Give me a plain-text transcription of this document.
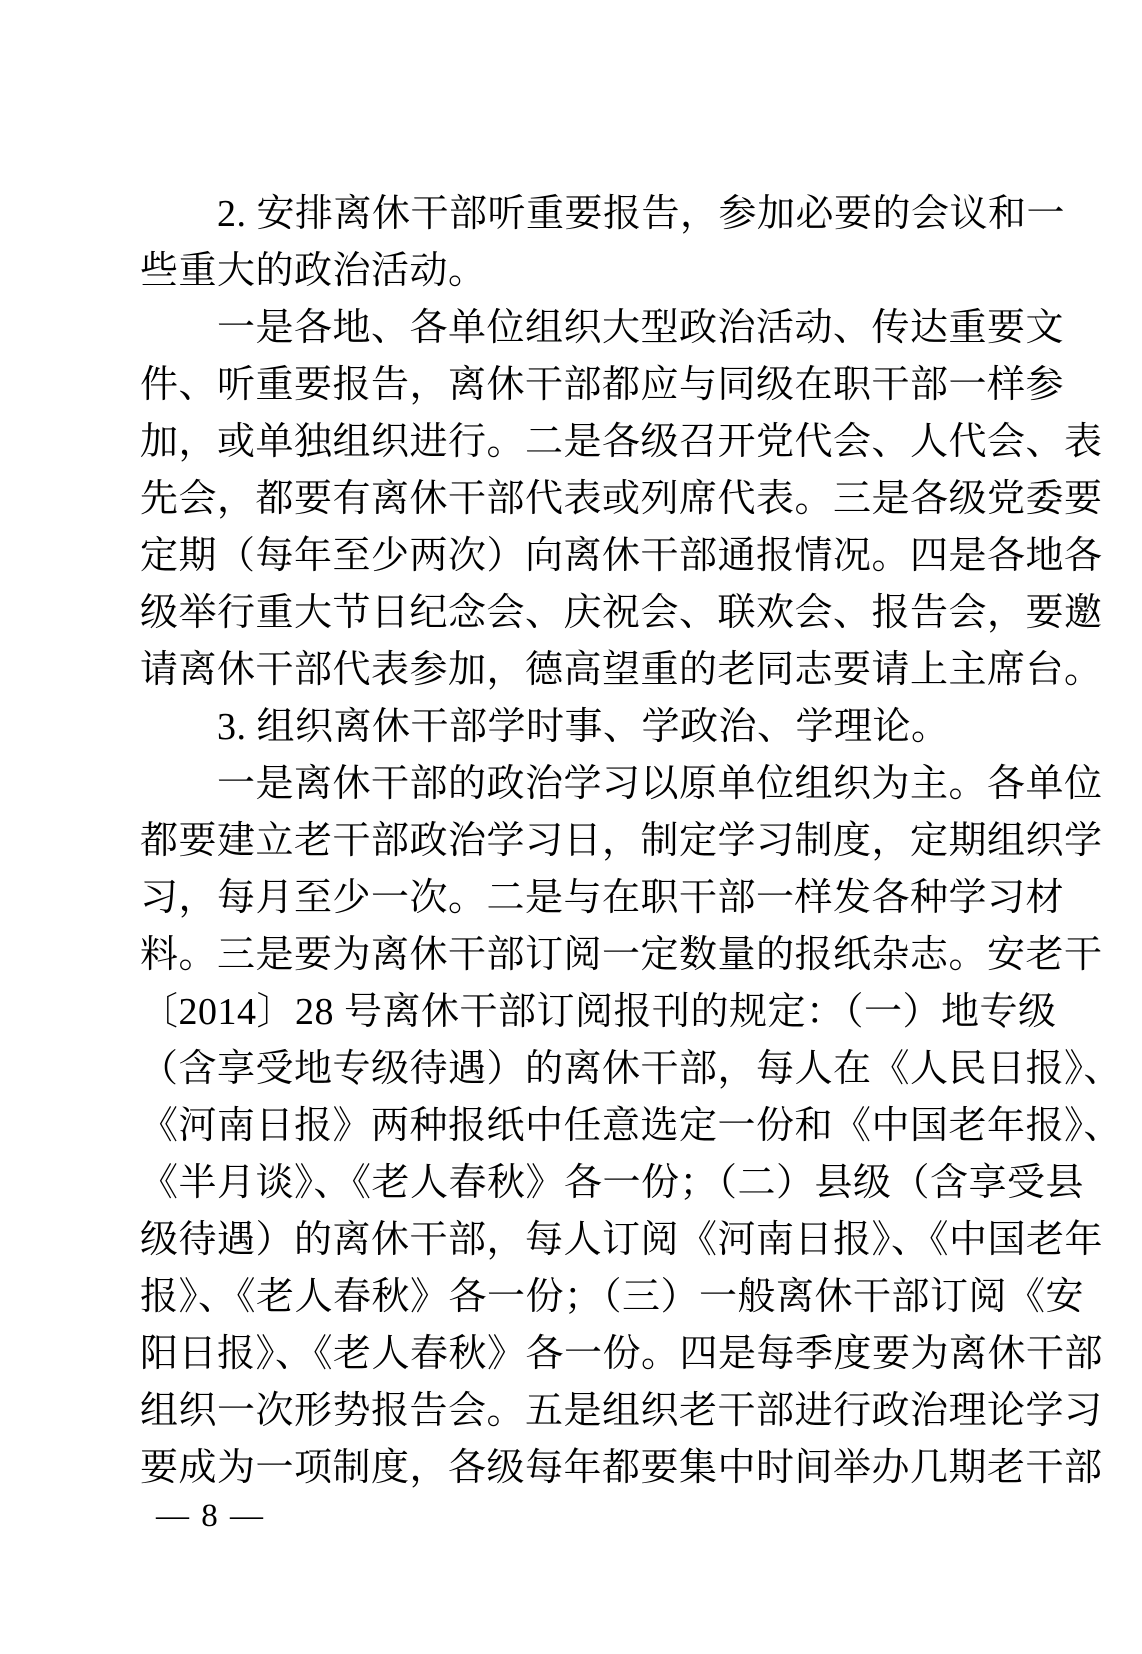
　　2. 安排离休干部听重要报告，参加必要的会议和一
些重大的政治活动。
　　一是各地、各单位组织大型政治活动、传达重要文
件、听重要报告，离休干部都应与同级在职干部一样参
加，或单独组织进行。二是各级召开党代会、人代会、表
先会，都要有离休干部代表或列席代表。三是各级党委要
定期（每年至少两次）向离休干部通报情况。四是各地各
级举行重大节日纪念会、庆祝会、联欢会、报告会，要邀
请离休干部代表参加，德高望重的老同志要请上主席台。
　　3. 组织离休干部学时事、学政治、学理论。
　　一是离休干部的政治学习以原单位组织为主。各单位
都要建立老干部政治学习日，制定学习制度，定期组织学
习，每月至少一次。二是与在职干部一样发各种学习材
料。三是要为离休干部订阅一定数量的报纸杂志。安老干
〔2014〕28 号离休干部订阅报刊的规定：（一）地专级
（含享受地专级待遇）的离休干部，每人在《人民日报》、
《河南日报》两种报纸中任意选定一份和《中国老年报》、
《半月谈》、《老人春秋》各一份；（二）县级（含享受县
级待遇）的离休干部，每人订阅《河南日报》、《中国老年
报》、《老人春秋》各一份；（三）一般离休干部订阅《安
阳日报》、《老人春秋》各一份。四是每季度要为离休干部
组织一次形势报告会。五是组织老干部进行政治理论学习
要成为一项制度，各级每年都要集中时间举办几期老干部
— 8 —
